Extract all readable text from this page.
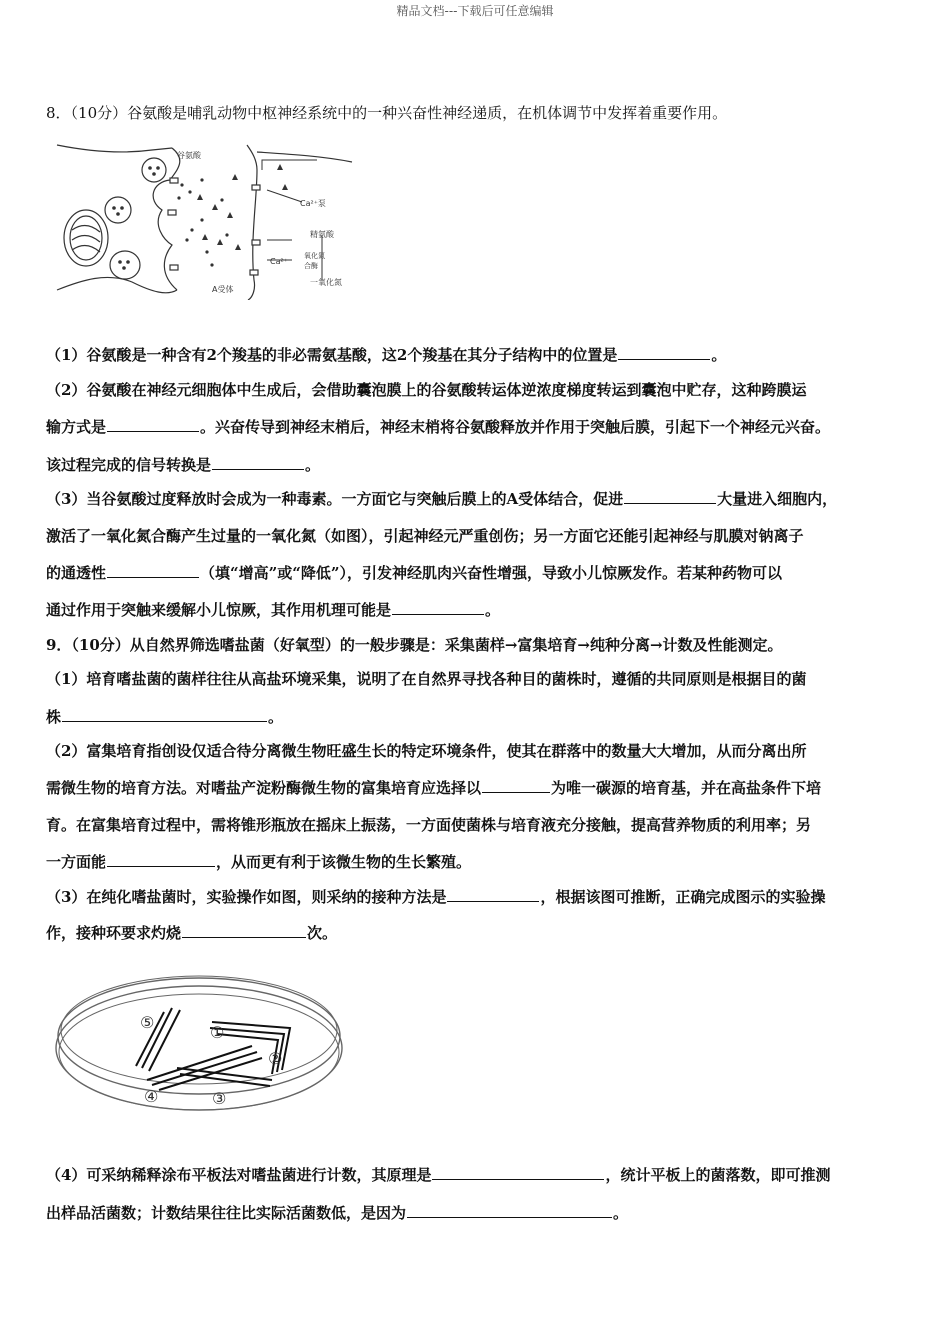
精品文档---下载后可任意编辑
8．（10分）谷氨酸是哺乳动物中枢神经系统中的一种兴奋性神经递质，在机体调节中发挥着重要作用。
谷氨酸
Ca²⁺泵
精氨酸
Ca²⁺
氧化氮
合酶
一氧化氮
A受体
（1）谷氨酸是一种含有2个羧基的非必需氨基酸，这2个羧基在其分子结构中的位置是	。
（2）谷氨酸在神经元细胞体中生成后，会借助囊泡膜上的谷氨酸转运体逆浓度梯度转运到囊泡中贮存，这种跨膜运
输方式是	。兴奋传导到神经末梢后，神经末梢将谷氨酸释放并作用于突触后膜，引起下一个神经元兴奋。
该过程完成的信号转换是	。
（3）当谷氨酸过度释放时会成为一种毒素。一方面它与突触后膜上的A受体结合，促进	大量进入细胞内，
激活了一氧化氮合酶产生过量的一氧化氮（如图），引起神经元严重创伤；另一方面它还能引起神经与肌膜对钠离子
的通透性	（填“增高”或“降低”），引发神经肌肉兴奋性增强，导致小儿惊厥发作。若某种药物可以
通过作用于突触来缓解小儿惊厥，其作用机理可能是	。
9．（10分）从自然界筛选嗜盐菌（好氧型）的一般步骤是：采集菌样→富集培育→纯种分离→计数及性能测定。
（1）培育嗜盐菌的菌样往往从高盐环境采集，说明了在自然界寻找各种目的菌株时，遵循的共同原则是根据目的菌
株	。
（2）富集培育指创设仅适合待分离微生物旺盛生长的特定环境条件，使其在群落中的数量大大增加，从而分离出所
需微生物的培育方法。对嗜盐产淀粉酶微生物的富集培育应选择以	为唯一碳源的培育基，并在高盐条件下培
育。在富集培育过程中，需将锥形瓶放在摇床上振荡，一方面使菌株与培育液充分接触，提高营养物质的利用率；另
一方面能	，从而更有利于该微生物的生长繁殖。
（3）在纯化嗜盐菌时，实验操作如图，则采纳的接种方法是	，根据该图可推断，正确完成图示的实验操
作，接种环要求灼烧	次。
①
②
③
④
⑤
（4）可采纳稀释涂布平板法对嗜盐菌进行计数，其原理是	，统计平板上的菌落数，即可推测
出样品活菌数；计数结果往往比实际活菌数低，是因为	。
